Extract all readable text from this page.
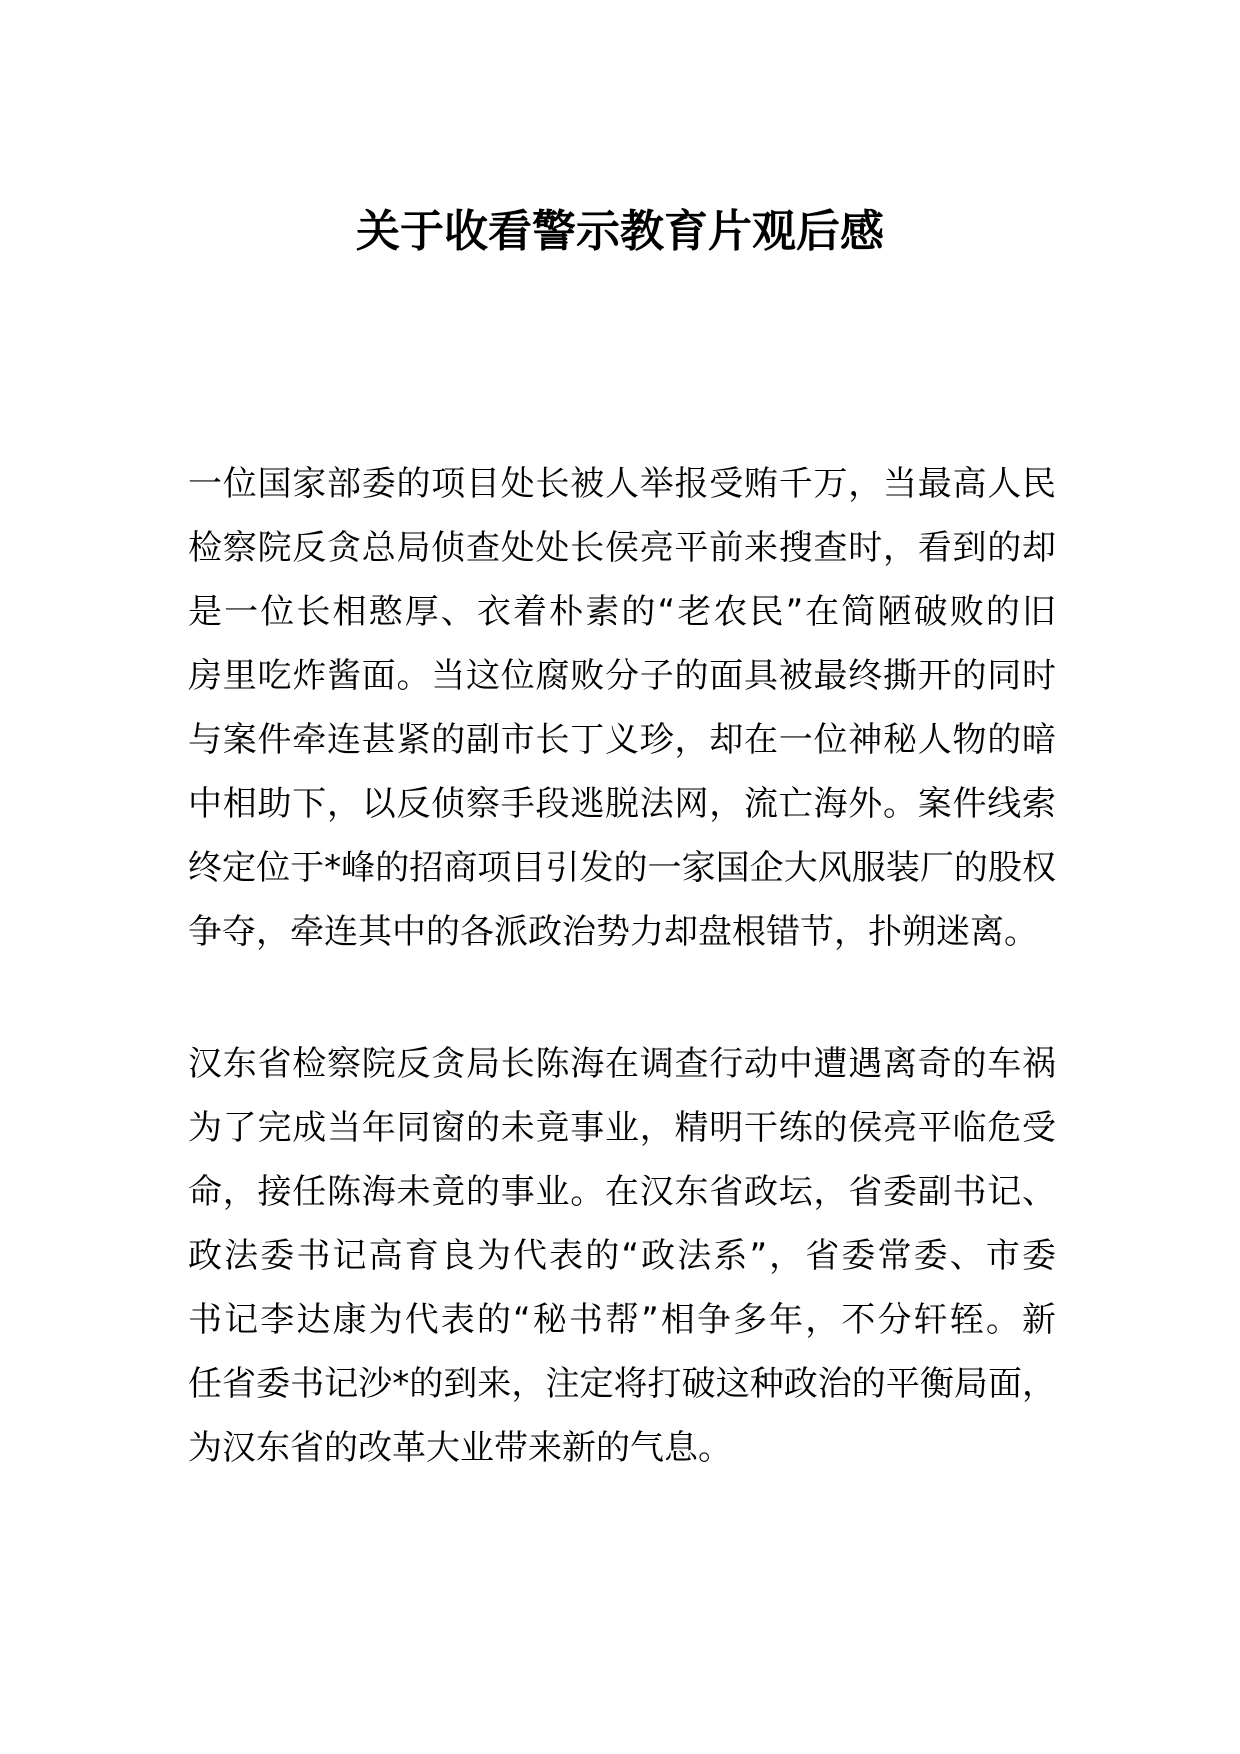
关于收看警示教育片观后感
一位国家部委的项目处长被人举报受贿千万，当最高人民
检察院反贪总局侦查处处长侯亮平前来搜查时，看到的却
是一位长相憨厚、衣着朴素的“老农民”在简陋破败的旧
房里吃炸酱面。当这位腐败分子的面具被最终撕开的同时
与案件牵连甚紧的副市长丁义珍，却在一位神秘人物的暗
中相助下，以反侦察手段逃脱法网，流亡海外。案件线索
终定位于*峰的招商项目引发的一家国企大风服装厂的股权
争夺，牵连其中的各派政治势力却盘根错节，扑朔迷离。
汉东省检察院反贪局长陈海在调查行动中遭遇离奇的车祸
为了完成当年同窗的未竟事业，精明干练的侯亮平临危受
命，接任陈海未竟的事业。在汉东省政坛，省委副书记、
政法委书记高育良为代表的“政法系”，省委常委、市委
书记李达康为代表的“秘书帮”相争多年，不分轩轾。新
任省委书记沙*的到来，注定将打破这种政治的平衡局面，
为汉东省的改革大业带来新的气息。
